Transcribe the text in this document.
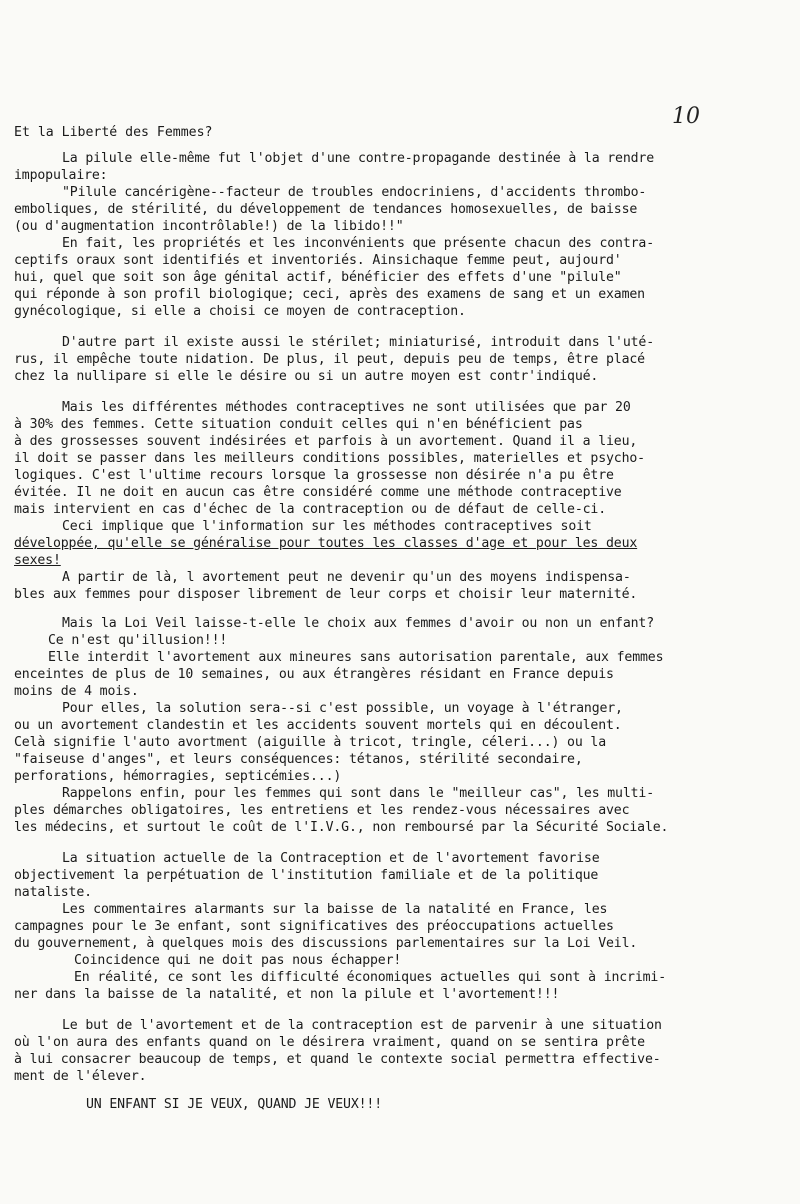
10
Et la Liberté des Femmes?
La pilule elle-même fut l'objet d'une contre-propagande destinée à la rendre
impopulaire:
"Pilule cancérigène--facteur de troubles endocriniens, d'accidents thrombo-
emboliques, de stérilité, du développement de tendances homosexuelles, de baisse
(ou d'augmentation incontrôlable!) de la libido!!"
En fait, les propriétés et les inconvénients que présente chacun des contra-
ceptifs oraux sont identifiés et inventoriés. Ainsichaque femme peut, aujourd'
hui, quel que soit son âge génital actif, bénéficier des effets d'une "pilule"
qui réponde à son profil biologique; ceci, après des examens de sang et un examen
gynécologique, si elle a choisi ce moyen de contraception.
D'autre part il existe aussi le stérilet; miniaturisé, introduit dans l'uté-
rus, il empêche toute nidation. De plus, il peut, depuis peu de temps, être placé
chez la nullipare si elle le désire ou si un autre moyen est contr'indiqué.
Mais les différentes méthodes contraceptives ne sont utilisées que par 20
à 30% des femmes. Cette situation conduit celles qui n'en bénéficient pas
à des grossesses souvent indésirées et parfois à un avortement. Quand il a lieu,
il doit se passer dans les meilleurs conditions possibles, materielles et psycho-
logiques. C'est l'ultime recours lorsque la grossesse non désirée n'a pu être
évitée. Il ne doit en aucun cas être considéré comme une méthode contraceptive
mais intervient en cas d'échec de la contraception ou de défaut de celle-ci.
Ceci implique que l'information sur les méthodes contraceptives soit
développée, qu'elle se généralise pour toutes les classes d'age et pour les deux
sexes!
A partir de là, l avortement peut ne devenir qu'un des moyens indispensa-
bles aux femmes pour disposer librement de leur corps et choisir leur maternité.
Mais la Loi Veil laisse-t-elle le choix aux femmes d'avoir ou non un enfant?
Ce n'est qu'illusion!!!
Elle interdit l'avortement aux mineures sans autorisation parentale, aux femmes
enceintes de plus de 10 semaines, ou aux étrangères résidant en France depuis
moins de 4 mois.
Pour elles, la solution sera--si c'est possible, un voyage à l'étranger,
ou un avortement clandestin et les accidents souvent mortels qui en découlent.
Celà signifie l'auto avortment (aiguille à tricot, tringle, céleri...) ou la
"faiseuse d'anges", et leurs conséquences: tétanos, stérilité secondaire,
perforations, hémorragies, septicémies...)
Rappelons enfin, pour les femmes qui sont dans le "meilleur cas", les multi-
ples démarches obligatoires, les entretiens et les rendez-vous nécessaires avec
les médecins, et surtout le coût de l'I.V.G., non remboursé par la Sécurité Sociale.
La situation actuelle de la Contraception et de l'avortement favorise
objectivement la perpétuation de l'institution familiale et de la politique
nataliste.
Les commentaires alarmants sur la baisse de la natalité en France, les
campagnes pour le 3e enfant, sont significatives des préoccupations actuelles
du gouvernement, à quelques mois des discussions parlementaires sur la Loi Veil.
Coincidence qui ne doit pas nous échapper!
En réalité, ce sont les difficulté économiques actuelles qui sont à incrimi-
ner dans la baisse de la natalité, et non la pilule et l'avortement!!!
Le but de l'avortement et de la contraception est de parvenir à une situation
où l'on aura des enfants quand on le désirera vraiment, quand on se sentira prête
à lui consacrer beaucoup de temps, et quand le contexte social permettra effective-
ment de l'élever.
UN ENFANT SI JE VEUX, QUAND JE VEUX!!!
